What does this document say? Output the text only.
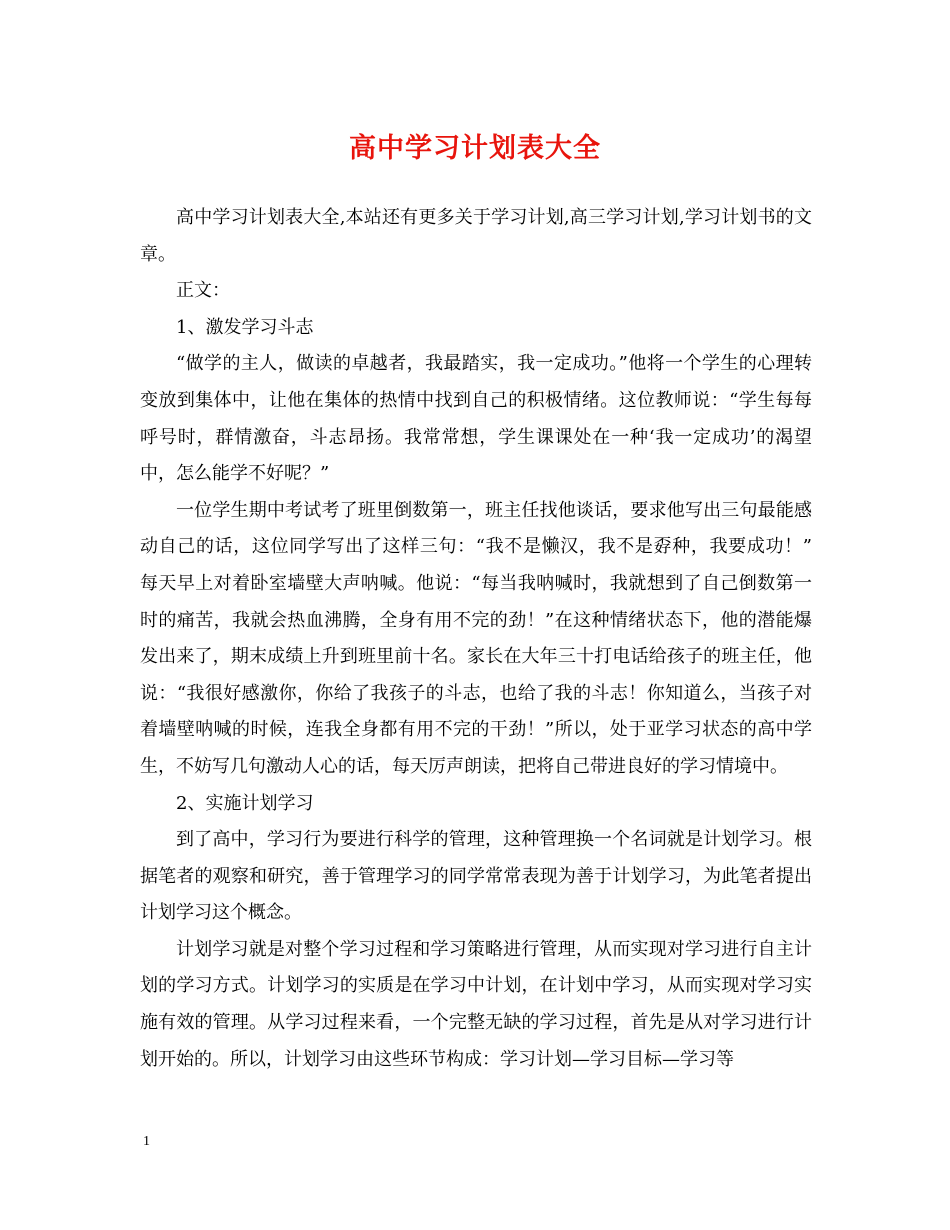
高中学习计划表大全

高中学习计划表大全,本站还有更多关于学习计划,高三学习计划,学习计划书的文章。

正文：

1、激发学习斗志

“做学的主人，做读的卓越者，我最踏实，我一定成功。”他将一个学生的心理转变放到集体中，让他在集体的热情中找到自己的积极情绪。这位教师说：“学生每每呼号时，群情激奋，斗志昂扬。我常常想，学生课课处在一种‘我一定成功’的渴望中，怎么能学不好呢？”

一位学生期中考试考了班里倒数第一，班主任找他谈话，要求他写出三句最能感动自己的话，这位同学写出了这样三句：“我不是懒汉，我不是孬种，我要成功！” 每天早上对着卧室墙壁大声呐喊。他说：“每当我呐喊时，我就想到了自己倒数第一时的痛苦，我就会热血沸腾，全身有用不完的劲！”在这种情绪状态下，他的潜能爆发出来了，期末成绩上升到班里前十名。家长在大年三十打电话给孩子的班主任，他说：“我很好感激你，你给了我孩子的斗志，也给了我的斗志！你知道么，当孩子对着墙壁呐喊的时候，连我全身都有用不完的干劲！”所以，处于亚学习状态的高中学生，不妨写几句激动人心的话，每天厉声朗读，把将自己带进良好的学习情境中。

2、实施计划学习

到了高中，学习行为要进行科学的管理，这种管理换一个名词就是计划学习。根据笔者的观察和研究，善于管理学习的同学常常表现为善于计划学习，为此笔者提出计划学习这个概念。

计划学习就是对整个学习过程和学习策略进行管理，从而实现对学习进行自主计划的学习方式。计划学习的实质是在学习中计划，在计划中学习，从而实现对学习实施有效的管理。从学习过程来看，一个完整无缺的学习过程，首先是从对学习进行计划开始的。所以，计划学习由这些环节构成：学习计划—学习目标—学习等

1
